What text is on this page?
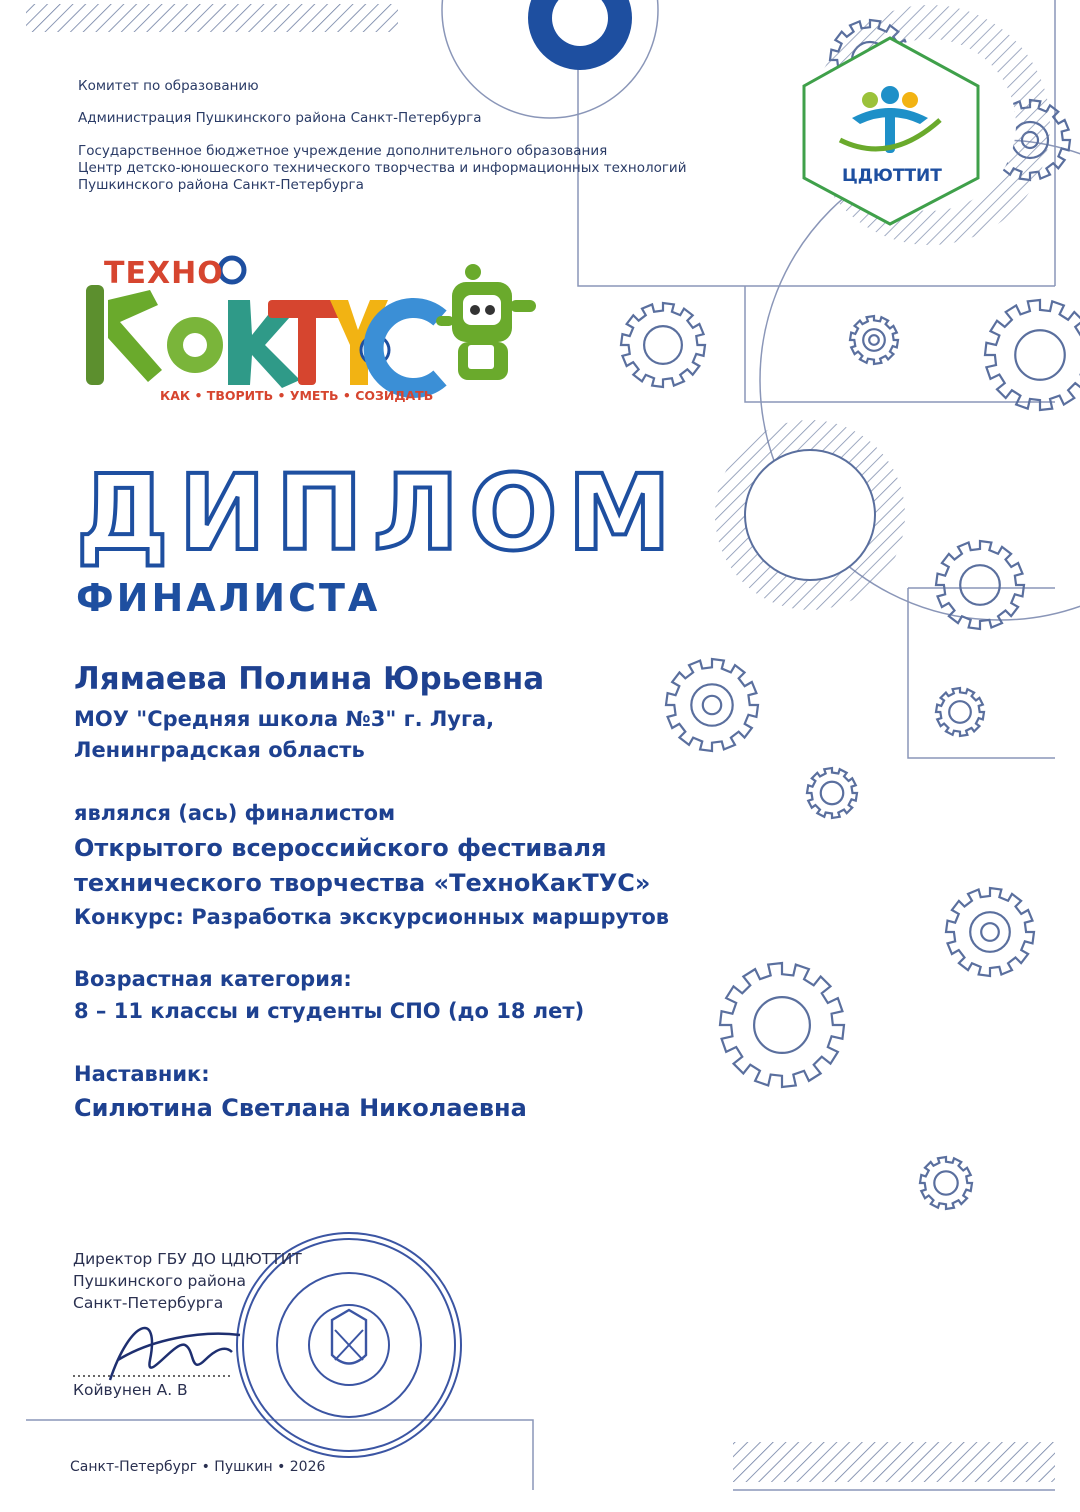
Комитет по образованию
Администрация Пушкинского района Санкт-Петербурга
Государственное бюджетное учреждение дополнительного образования
Центр детско-юношеского технического творчества и информационных технологий
Пушкинского района Санкт-Петербурга	ЦДЮТТИТ
ТЕХНО
КАК • ТВОРИТЬ • УМЕТЬ • СОЗИДАТЬ
ДИПЛОМ
ФИНАЛИСТА
Лямаева Полина Юрьевна
МОУ "Средняя школа №3" г. Луга,
Ленинградская область
являлся (ась) финалистом
Открытого всероссийского фестиваля
технического творчества «ТехноКакТУС»
Конкурс: Разработка экскурсионных маршрутов
Возрастная категория:
8 – 11 классы и студенты СПО (до 18 лет)
Наставник:
Силютина Светлана Николаевна
Директор ГБУ ДО ЦДЮТТИТ
Пушкинского района
Санкт-Петербурга
Койвунен А. В
Санкт-Петербург • Пушкин • 2026
